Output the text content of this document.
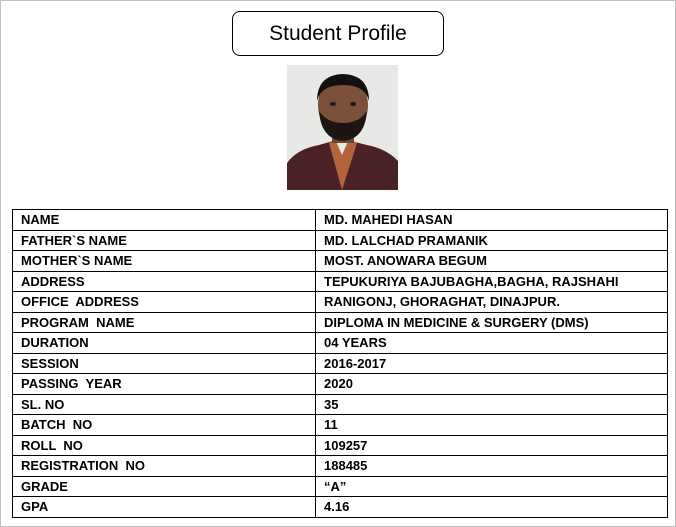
Student Profile
NAME	MD. MAHEDI HASAN
FATHER`S NAME	MD. LALCHAD PRAMANIK
MOTHER`S NAME	MOST. ANOWARA BEGUM
ADDRESS	TEPUKURIYA BAJUBAGHA,BAGHA, RAJSHAHI
OFFICE  ADDRESS	RANIGONJ, GHORAGHAT, DINAJPUR.
PROGRAM  NAME	DIPLOMA IN MEDICINE & SURGERY (DMS)
DURATION	04 YEARS
SESSION	2016-2017
PASSING  YEAR	2020
SL. NO	35
BATCH  NO	11
ROLL  NO	109257
REGISTRATION  NO	188485
GRADE	“A”
GPA	4.16
